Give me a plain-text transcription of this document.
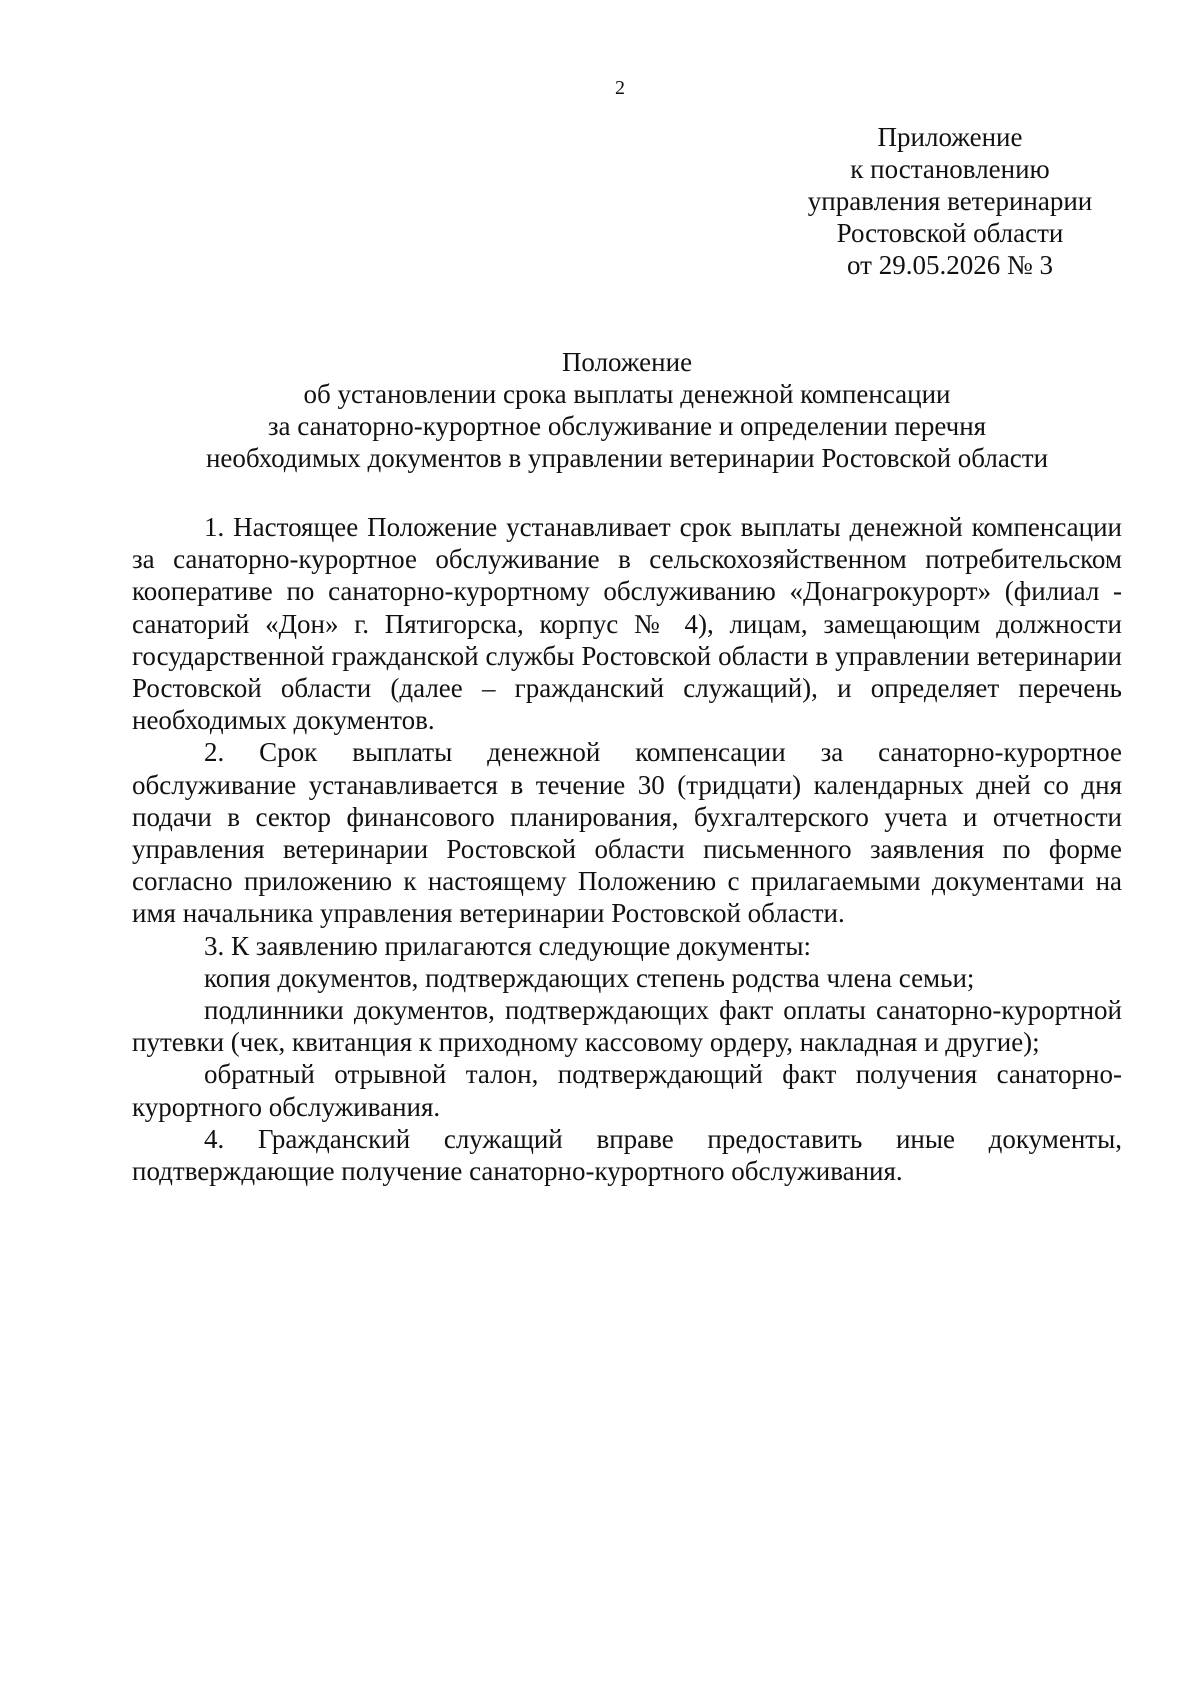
2
Приложение
к постановлению
управления ветеринарии
Ростовской области
от 29.05.2026 № 3
Положение
об установлении срока выплаты денежной компенсации
за санаторно-курортное обслуживание и определении перечня
необходимых документов в управлении ветеринарии Ростовской области

1. Настоящее Положение устанавливает срок выплаты денежной компенсации за санаторно-курортное обслуживание в сельскохозяйственном потребительском кооперативе по санаторно-курортному обслуживанию «Донагрокурорт» (филиал - санаторий «Дон» г. Пятигорска, корпус № 4), лицам, замещающим должности государственной гражданской службы Ростовской области в управлении ветеринарии Ростовской области (далее – гражданский служащий), и определяет перечень необходимых документов.

2. Срок выплаты денежной компенсации за санаторно-курортное обслуживание устанавливается в течение 30 (тридцати) календарных дней со дня подачи в сектор финансового планирования, бухгалтерского учета и отчетности управления ветеринарии Ростовской области письменного заявления по форме согласно приложению к настоящему Положению с прилагаемыми документами на имя начальника управления ветеринарии Ростовской области.

3. К заявлению прилагаются следующие документы:

копия документов, подтверждающих степень родства члена семьи;

подлинники документов, подтверждающих факт оплаты санаторно-курортной путевки (чек, квитанция к приходному кассовому ордеру, накладная и другие);

обратный отрывной талон, подтверждающий факт получения санаторно-курортного обслуживания.

4. Гражданский служащий вправе предоставить иные документы, подтверждающие получение санаторно-курортного обслуживания.
